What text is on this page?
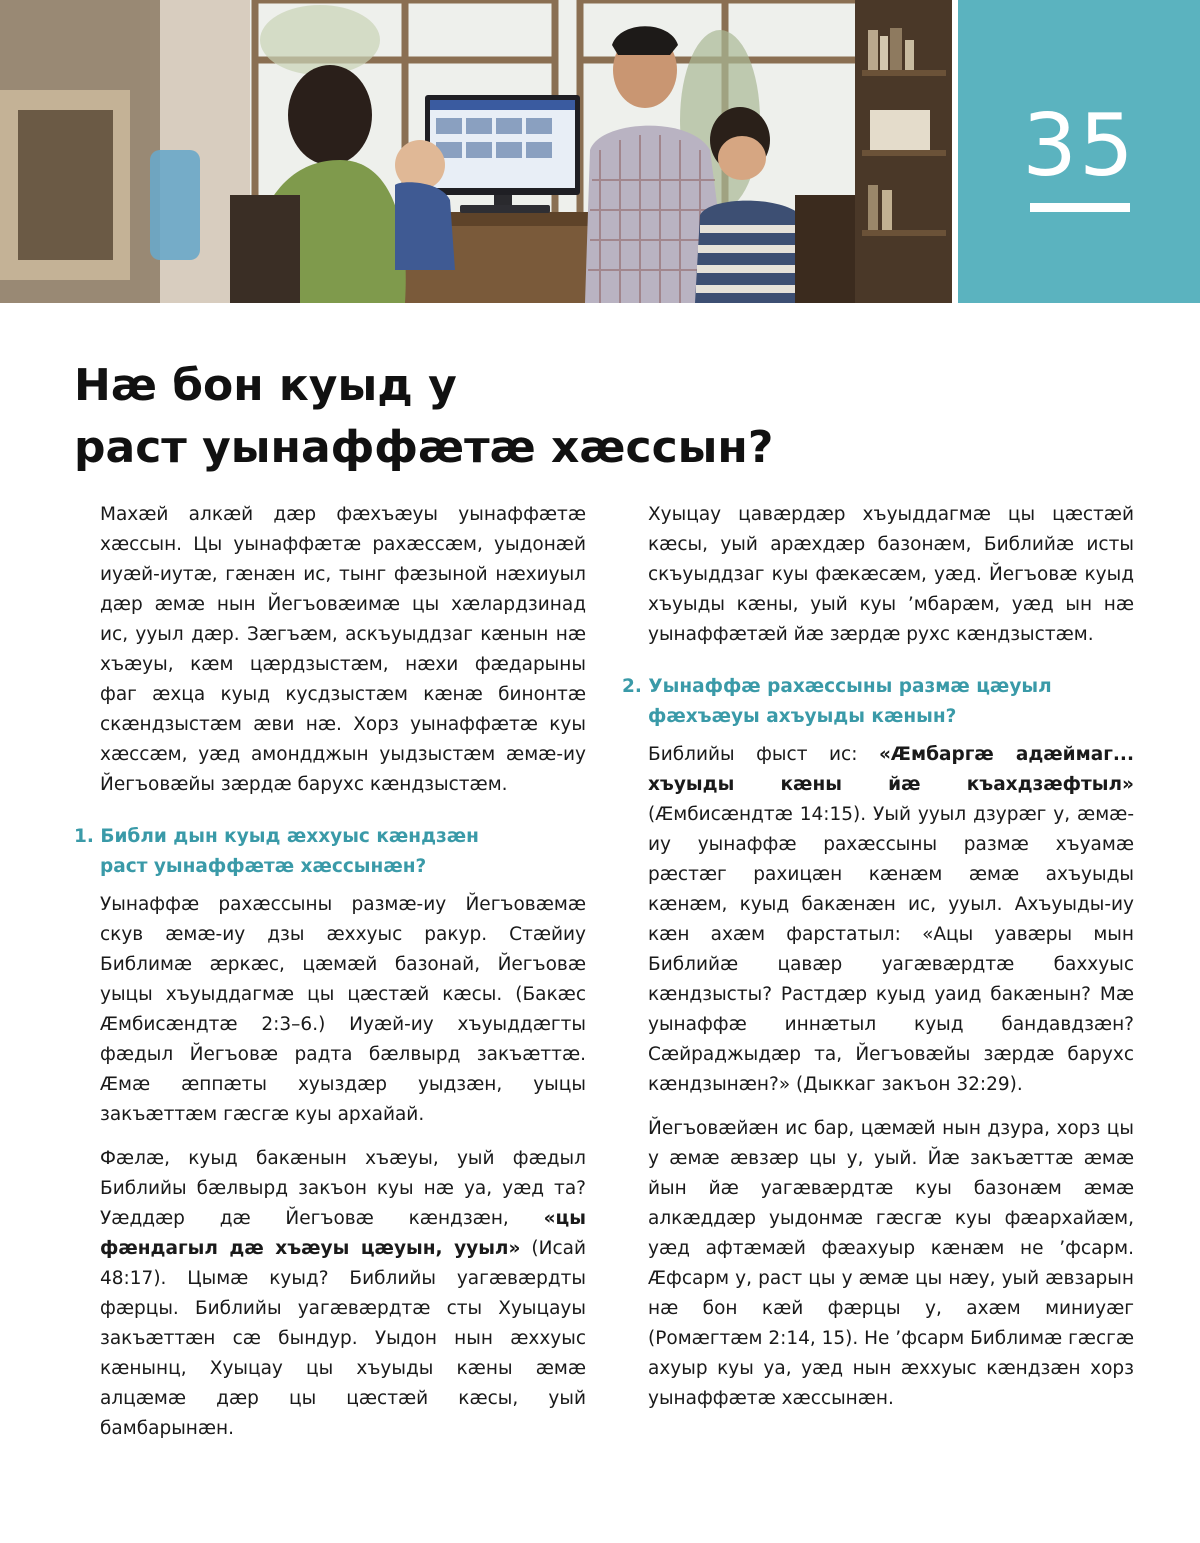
35
Нæ бон куыд у
раст уынаффæтæ хæссын?

Махæй алкæй дæр фæхъæуы уынаффæтæ хæссын. Цы уынаффæтæ рахæссæм, уыдонæй иуæй-иутæ, гæнæн ис, тынг фæзыной нæхиуыл дæр æмæ нын Йегъовæимæ цы хæлардзинад ис, ууыл дæр. Зæгъæм, аскъуыддзаг кæнын нæ хъæуы, кæм цæрдзыстæм, нæхи фæдарыны фаг æхца куыд кусдзыстæм кæнæ бинонтæ скæндзыстæм æви нæ. Хорз уынаффæтæ куы хæссæм, уæд амондджын уыдзыстæм æмæ-иу Йегъовæйы зæрдæ барухс кæндзыстæм.

1. Библи дын куыд æххуыс кæндзæн
раст уынаффæтæ хæссынæн?

Уынаффæ рахæссыны размæ-иу Йегъовæмæ скув æмæ-иу дзы æххуыс ракур. Стæйиу Библимæ æркæс, цæмæй базонай, Йегъовæ уыцы хъуыддагмæ цы цæстæй кæсы. (Бакæс Æмбисæндтæ 2:3–6.) Иуæй-иу хъуыддæгты фæдыл Йегъовæ радта бæлвырд закъæттæ. Æмæ æппæты хуыздæр уыдзæн, уыцы закъæттæм гæсгæ куы архайай.

Фæлæ, куыд бакæнын хъæуы, уый фæдыл Библийы бæлвырд закъон куы нæ уа, уæд та? Уæддæр дæ Йегъовæ кæндзæн, «цы фæндагыл дæ хъæуы цæуын, ууыл» (Исай 48:17). Цымæ куыд? Библийы уагæвæрдты фæрцы. Библийы уагæвæрдтæ сты Хуыцауы закъæттæн сæ бындур. Уыдон нын æххуыс кæнынц, Хуыцау цы хъуыды кæны æмæ алцæмæ дæр цы цæстæй кæсы, уый бамбарынæн.

Хуыцау цавæрдæр хъуыддагмæ цы цæстæй кæсы, уый арæхдæр базонæм, Библийæ исты скъуыддзаг куы фæкæсæм, уæд. Йегъовæ куыд хъуыды кæны, уый куы ’мбарæм, уæд ын нæ уынаффæтæй йæ зæрдæ рухс кæндзыстæм.

2. Уынаффæ рахæссыны размæ цæуыл
фæхъæуы ахъуыды кæнын?

Библийы фыст ис: «Æмбаргæ адæймаг... хъуыды кæны йæ къахдзæфтыл» (Æмбисæндтæ 14:15). Уый ууыл дзурæг у, æмæ-иу уынаффæ рахæссыны размæ хъуамæ рæстæг рахицæн кæнæм æмæ ахъуыды кæнæм, куыд бакæнæн ис, ууыл. Ахъуыды-иу кæн ахæм фарстатыл: «Ацы уавæры мын Библийæ цавæр уагæвæрдтæ баххуыс кæндзысты? Растдæр куыд уаид бакæнын? Мæ уынаффæ иннæтыл куыд бандавдзæн? Сæйраджыдæр та, Йегъовæйы зæрдæ барухс кæндзынæн?» (Дыккаг закъон 32:29).

Йегъовæйæн ис бар, цæмæй нын дзура, хорз цы у æмæ æвзæр цы у, уый. Йæ закъæттæ æмæ йын йæ уагæвæрдтæ куы базонæм æмæ алкæддæр уыдонмæ гæсгæ куы фæархайæм, уæд афтæмæй фæахуыр кæнæм не ’фсарм. Æфсарм у, раст цы у æмæ цы нæу, уый æвзарын нæ бон кæй фæрцы у, ахæм миниуæг (Ромæгтæм 2:14, 15). Не ’фсарм Библимæ гæсгæ ахуыр куы уа, уæд нын æххуыс кæндзæн хорз уынаффæтæ хæссынæн.
